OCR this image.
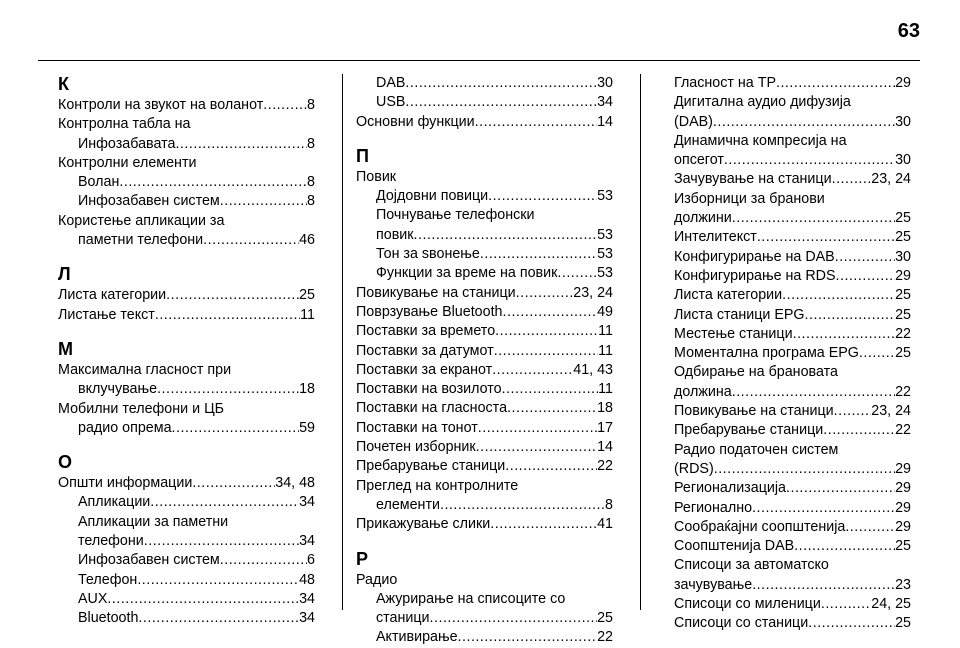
63
К
Контроли на звукот на воланот .....	8
Контролна табла на
Инфозабавата .....	8
Контролни елементи
Волан .....	8
Инфозабавен систем .....	8
Користење апликации за
паметни телефони .....	46
Л
Листа категории .....	25
Листање текст .....	11
М
Максимална гласност при
вклучување .....	18
Мобилни телефони и ЦБ
радио опрема .....	59
О
Општи информации .....	34, 48
Апликации .....	34
Апликации за паметни
телефони .....	34
Инфозабавен систем .....	6
Телефон .....	48
AUX .....	34
Bluetooth .....	34
DAB .....	30
USB .....	34
Основни функции .....	14
П
Повик
Дојдовни повици .....	53
Почнување телефонски
повик .....	53
Тон за ѕвонење .....	53
Функции за време на повик .....	53
Повикување на станици .....	23, 24
Поврзување Bluetooth .....	49
Поставки за времето .....	11
Поставки за датумот .....	11
Поставки за екранот .....	41, 43
Поставки на возилото .....	11
Поставки на гласноста .....	18
Поставки на тонот .....	17
Почетен изборник .....	14
Пребарување станици .....	22
Преглед на контролните
елементи .....	8
Прикажување слики .....	41
Р
Радио
Ажурирање на списоците со
станици .....	25
Активирање .....	22
Гласност на TP .....	29
Дигитална аудио дифузија
(DAB) .....	30
Динамична компресија на
опсегот .....	30
Зачувување на станици .....	23, 24
Изборници за бранови
должини .....	25
Интелитекст .....	25
Конфигурирање на DAB .....	30
Конфигурирање на RDS .....	29
Листа категории .....	25
Листа станици EPG .....	25
Местење станици .....	22
Моментална програма EPG .....	25
Одбирање на брановата
должина .....	22
Повикување на станици .....	23, 24
Пребарување станици .....	22
Радио податочен систем
(RDS) .....	29
Регионализација .....	29
Регионално .....	29
Сообраќајни соопштенија .....	29
Соопштенија DAB .....	25
Списоци за автоматско
зачувување .....	23
Списоци со миленици .....	24, 25
Списоци со станици .....	25
